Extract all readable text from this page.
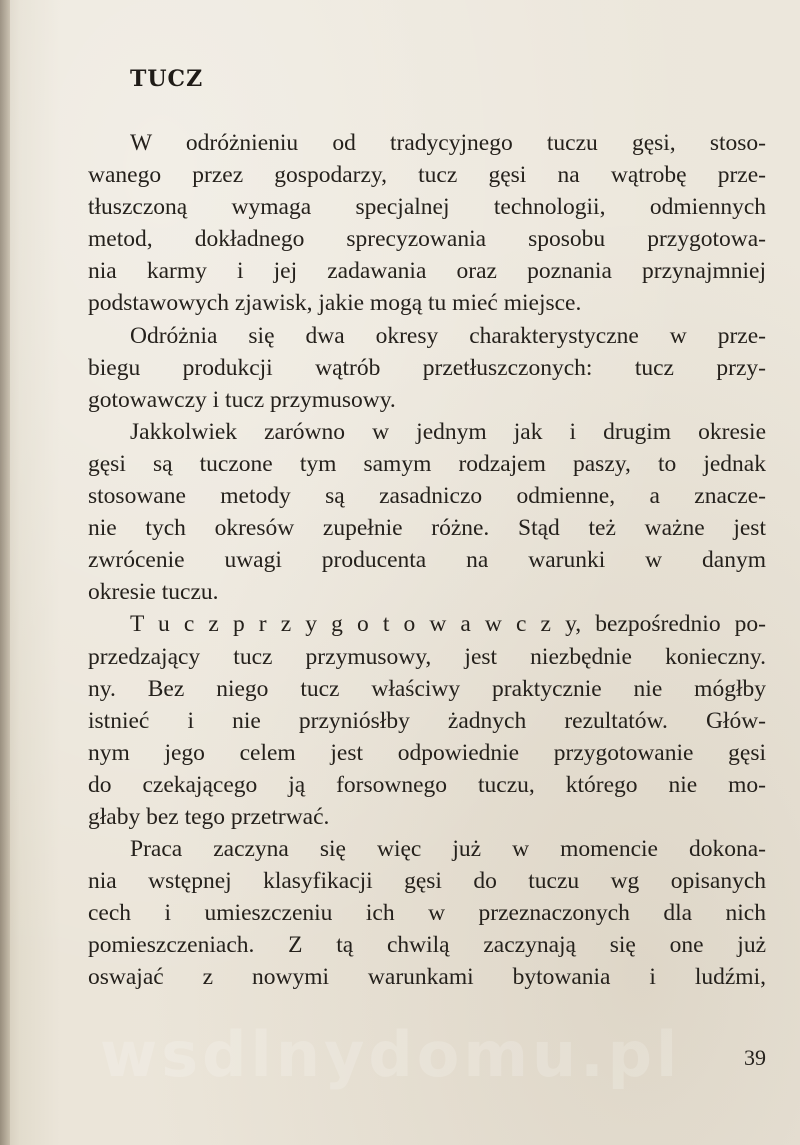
TUCZ
W odróżnieniu od tradycyjnego tuczu gęsi, stoso-
wanego przez gospodarzy, tucz gęsi na wątrobę prze-
tłuszczoną wymaga specjalnej technologii, odmiennych
metod, dokładnego sprecyzowania sposobu przygotowa-
nia karmy i jej zadawania oraz poznania przynajmniej
podstawowych zjawisk, jakie mogą tu mieć miejsce.
Odróżnia się dwa okresy charakterystyczne w prze-
biegu produkcji wątrób przetłuszczonych: tucz przy-
gotowawczy i tucz przymusowy.
Jakkolwiek zarówno w jednym jak i drugim okresie
gęsi są tuczone tym samym rodzajem paszy, to jednak
stosowane metody są zasadniczo odmienne, a znacze-
nie tych okresów zupełnie różne. Stąd też ważne jest
zwrócenie uwagi producenta na warunki w danym
okresie tuczu.
T u c z p r z y g o t o w a w c z y, bezpośrednio po-
przedzający tucz przymusowy, jest niezbędnie konieczny.
ny. Bez niego tucz właściwy praktycznie nie mógłby
istnieć i nie przyniósłby żadnych rezultatów. Głów-
nym jego celem jest odpowiednie przygotowanie gęsi
do czekającego ją forsownego tuczu, którego nie mo-
głaby bez tego przetrwać.
Praca zaczyna się więc już w momencie dokona-
nia wstępnej klasyfikacji gęsi do tuczu wg opisanych
cech i umieszczeniu ich w przeznaczonych dla nich
pomieszczeniach. Z tą chwilą zaczynają się one już
oswajać z nowymi warunkami bytowania i ludźmi,
wsdlnydomu.pl	39
